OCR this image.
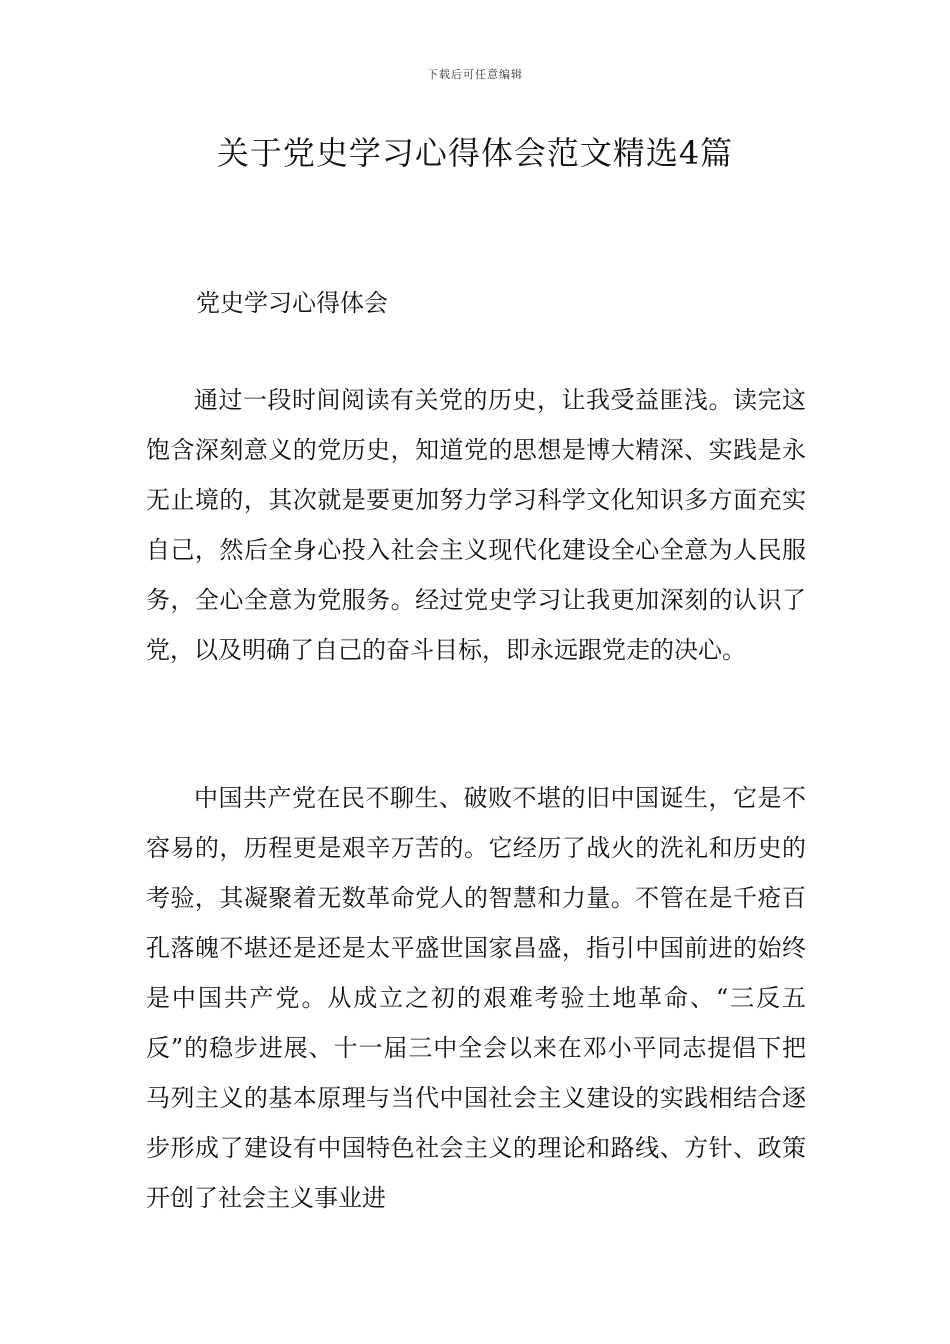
下载后可任意编辑
关于党史学习心得体会范文精选4篇
党史学习心得体会

通过一段时间阅读有关党的历史，让我受益匪浅。读完这饱含深刻意义的党历史，知道党的思想是博大精深、实践是永无止境的，其次就是要更加努力学习科学文化知识多方面充实自己，然后全身心投入社会主义现代化建设全心全意为人民服务，全心全意为党服务。经过党史学习让我更加深刻的认识了党，以及明确了自己的奋斗目标，即永远跟党走的决心。

中国共产党在民不聊生、破败不堪的旧中国诞生，它是不容易的，历程更是艰辛万苦的。它经历了战火的洗礼和历史的考验，其凝聚着无数革命党人的智慧和力量。不管在是千疮百孔落魄不堪还是还是太平盛世国家昌盛，指引中国前进的始终是中国共产党。从成立之初的艰难考验土地革命、“三反五反”的稳步进展、十一届三中全会以来在邓小平同志提倡下把马列主义的基本原理与当代中国社会主义建设的实践相结合逐步形成了建设有中国特色社会主义的理论和路线、方针、政策开创了社会主义事业进
